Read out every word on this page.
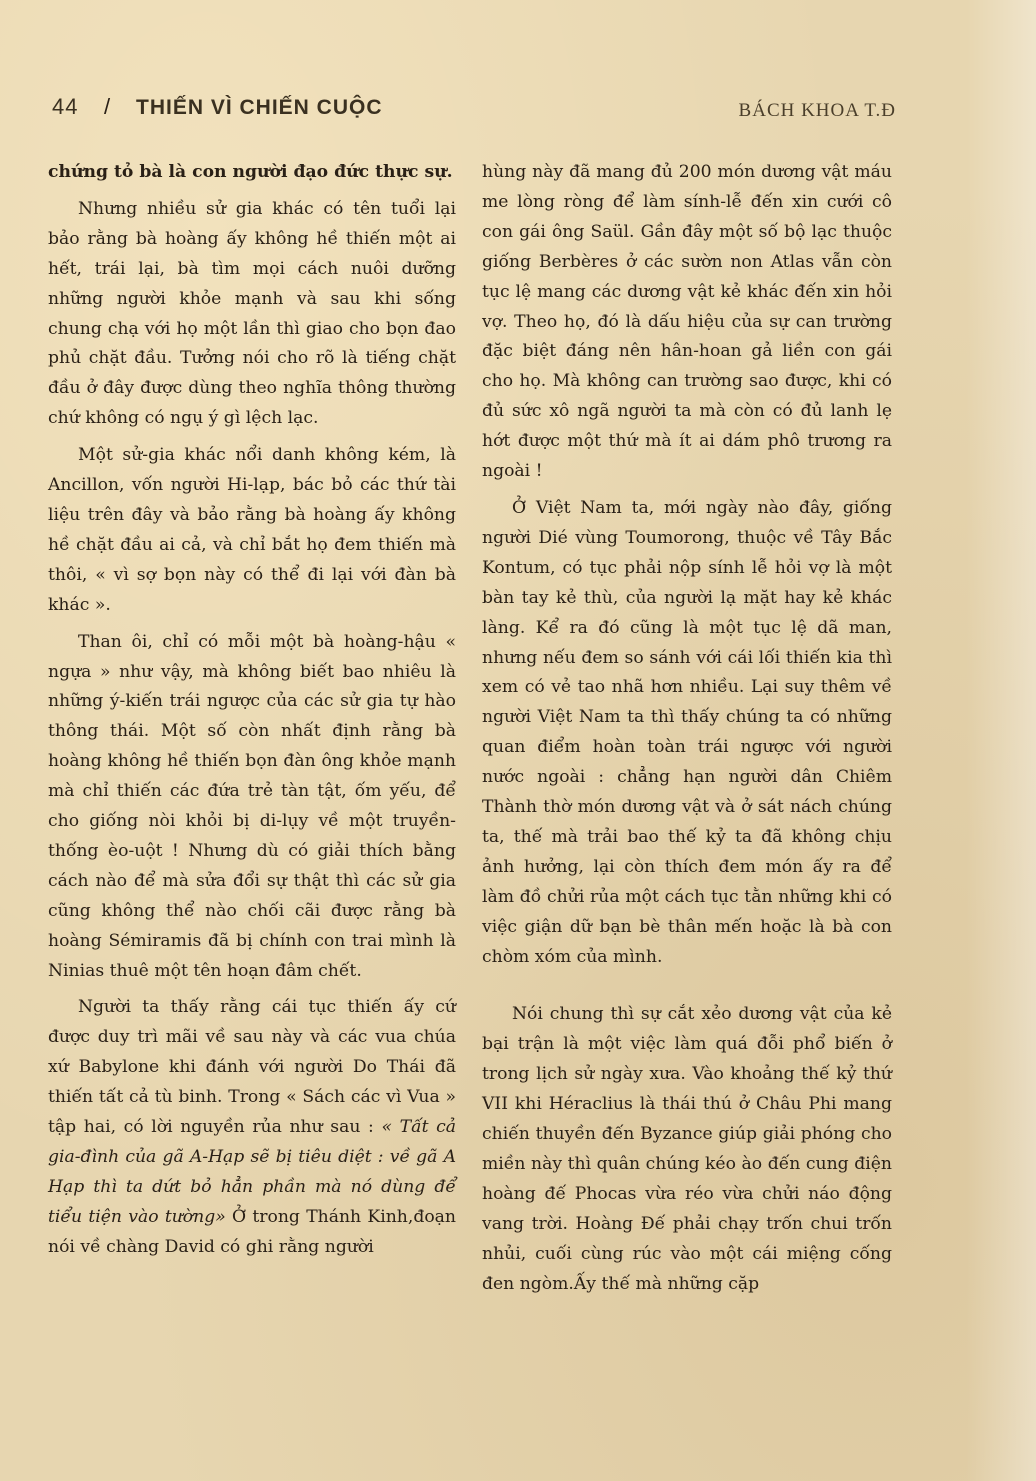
44 / THIẾN VÌ CHIẾN CUỘC	BÁCH KHOA T.Đ

chứng tỏ bà là con người đạo đức thực sự.

Nhưng nhiều sử gia khác có tên tuổi lại bảo rằng bà hoàng ấy không hề thiến một ai hết, trái lại, bà tìm mọi cách nuôi dưỡng những người khỏe mạnh và sau khi sống chung chạ với họ một lần thì giao cho bọn đao phủ chặt đầu. Tưởng nói cho rõ là tiếng chặt đầu ở đây được dùng theo nghĩa thông thường chứ không có ngụ ý gì lệch lạc.

Một sử-gia khác nổi danh không kém, là Ancillon, vốn người Hi-lạp, bác bỏ các thứ tài liệu trên đây và bảo rằng bà hoàng ấy không hề chặt đầu ai cả, và chỉ bắt họ đem thiến mà thôi, « vì sợ bọn này có thể đi lại với đàn bà khác ».

Than ôi, chỉ có mỗi một bà hoàng-hậu « ngựa » như vậy, mà không biết bao nhiêu là những ý-kiến trái ngược của các sử gia tự hào thông thái. Một số còn nhất định rằng bà hoàng không hề thiến bọn đàn ông khỏe mạnh mà chỉ thiến các đứa trẻ tàn tật, ốm yếu, để cho giống nòi khỏi bị di-lụy về một truyền-thống èo-uột ! Nhưng dù có giải thích bằng cách nào để mà sửa đổi sự thật thì các sử gia cũng không thể nào chối cãi được rằng bà hoàng Sémiramis đã bị chính con trai mình là Ninias thuê một tên hoạn đâm chết.

Người ta thấy rằng cái tục thiến ấy cứ được duy trì mãi về sau này và các vua chúa xứ Babylone khi đánh với người Do Thái đã thiến tất cả tù binh. Trong « Sách các vì Vua » tập hai, có lời nguyền rủa như sau : « Tất cả gia-đình của gã A-Hạp sẽ bị tiêu diệt : về gã A Hạp thì ta dứt bỏ hẳn phần mà nó dùng để tiểu tiện vào tường» Ở trong Thánh Kinh,đoạn nói về chàng David có ghi rằng người

hùng này đã mang đủ 200 món dương vật máu me lòng ròng để làm sính-lễ đến xin cưới cô con gái ông Saül. Gần đây một số bộ lạc thuộc giống Berbères ở các sườn non Atlas vẫn còn tục lệ mang các dương vật kẻ khác đến xin hỏi vợ. Theo họ, đó là dấu hiệu của sự can trường đặc biệt đáng nên hân-hoan gả liền con gái cho họ. Mà không can trường sao được, khi có đủ sức xô ngã người ta mà còn có đủ lanh lẹ hớt được một thứ mà ít ai dám phô trương ra ngoài !

Ở Việt Nam ta, mới ngày nào đây, giống người Dié vùng Toumorong, thuộc về Tây Bắc Kontum, có tục phải nộp sính lễ hỏi vợ là một bàn tay kẻ thù, của người lạ mặt hay kẻ khác làng. Kể ra đó cũng là một tục lệ dã man, nhưng nếu đem so sánh với cái lối thiến kia thì xem có vẻ tao nhã hơn nhiều. Lại suy thêm về người Việt Nam ta thì thấy chúng ta có những quan điểm hoàn toàn trái ngược với người nước ngoài : chẳng hạn người dân Chiêm Thành thờ món dương vật và ở sát nách chúng ta, thế mà trải bao thế kỷ ta đã không chịu ảnh hưởng, lại còn thích đem món ấy ra để làm đồ chửi rủa một cách tục tằn những khi có việc giận dữ bạn bè thân mến hoặc là bà con chòm xóm của mình.

Nói chung thì sự cắt xẻo dương vật của kẻ bại trận là một việc làm quá đỗi phổ biến ở trong lịch sử ngày xưa. Vào khoảng thế kỷ thứ VII khi Héraclius là thái thú ở Châu Phi mang chiến thuyền đến Byzance giúp giải phóng cho miền này thì quân chúng kéo ào đến cung điện hoàng đế Phocas vừa réo vừa chửi náo động vang trời. Hoàng Đế phải chạy trốn chui trốn nhủi, cuối cùng rúc vào một cái miệng cống đen ngòm.Ấy thế mà những cặp
